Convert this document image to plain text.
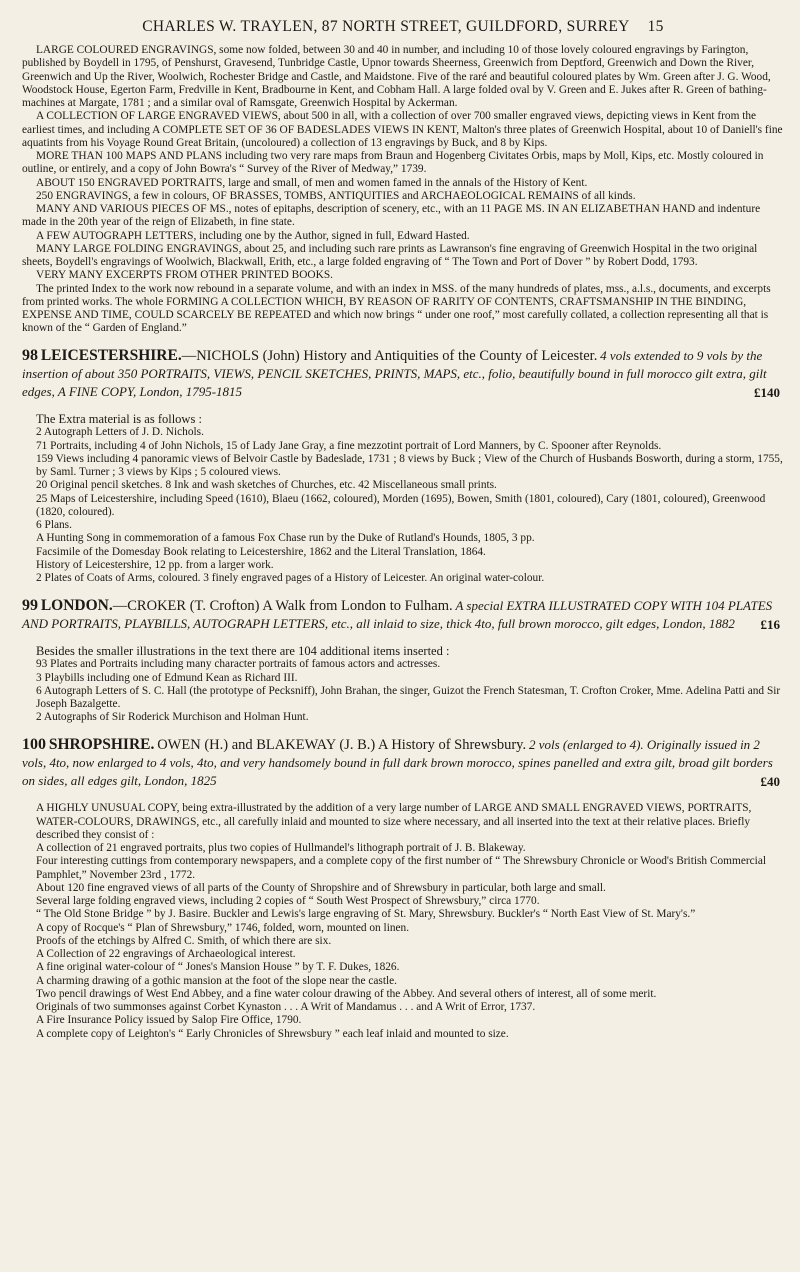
CHARLES W. TRAYLEN, 87 NORTH STREET, GUILDFORD, SURREY 15

LARGE COLOURED ENGRAVINGS, some now folded, between 30 and 40 in number, and including 10 of those lovely coloured engravings by Farington, published by Boydell in 1795, of Penshurst, Gravesend, Tunbridge Castle, Upnor towards Sheerness, Greenwich from Deptford, Greenwich and Down the River, Greenwich and Up the River, Woolwich, Rochester Bridge and Castle, and Maidstone. Five of the raré and beautiful coloured plates by Wm. Green after J. G. Wood, Woodstock House, Egerton Farm, Fredville in Kent, Bradbourne in Kent, and Cobham Hall. A large folded oval by V. Green and E. Jukes after R. Green of bathing-machines at Margate, 1781 ; and a similar oval of Ramsgate, Greenwich Hospital by Ackerman.

A COLLECTION OF LARGE ENGRAVED VIEWS, about 500 in all, with a collection of over 700 smaller engraved views, depicting views in Kent from the earliest times, and including A COMPLETE SET OF 36 OF BADESLADES VIEWS IN KENT, Malton's three plates of Greenwich Hospital, about 10 of Daniell's fine aquatints from his Voyage Round Great Britain, (uncoloured) a collection of 13 engravings by Buck, and 8 by Kips.

MORE THAN 100 MAPS AND PLANS including two very rare maps from Braun and Hogenberg Civitates Orbis, maps by Moll, Kips, etc. Mostly coloured in outline, or entirely, and a copy of John Bowra's “ Survey of the River of Medway,” 1739.

ABOUT 150 ENGRAVED PORTRAITS, large and small, of men and women famed in the annals of the History of Kent.

250 ENGRAVINGS, a few in colours, OF BRASSES, TOMBS, ANTIQUITIES and ARCHAEOLOGICAL REMAINS of all kinds.

MANY AND VARIOUS PIECES OF MS., notes of epitaphs, description of scenery, etc., with an 11 PAGE MS. IN AN ELIZABETHAN HAND and indenture made in the 20th year of the reign of Elizabeth, in fine state.

A FEW AUTOGRAPH LETTERS, including one by the Author, signed in full, Edward Hasted.

MANY LARGE FOLDING ENGRAVINGS, about 25, and including such rare prints as Lawranson's fine engraving of Greenwich Hospital in the two original sheets, Boydell's engravings of Woolwich, Blackwall, Erith, etc., a large folded engraving of “ The Town and Port of Dover ” by Robert Dodd, 1793.

VERY MANY EXCERPTS FROM OTHER PRINTED BOOKS.

The printed Index to the work now rebound in a separate volume, and with an index in MSS. of the many hundreds of plates, mss., a.l.s., documents, and excerpts from printed works. The whole FORMING A COLLECTION WHICH, BY REASON OF RARITY OF CONTENTS, CRAFTSMANSHIP IN THE BINDING, EXPENSE AND TIME, COULD SCARCELY BE REPEATED and which now brings “ under one roof,” most carefully collated, a collection representing all that is known of the “ Garden of England.”

98 LEICESTERSHIRE.—NICHOLS (John) History and Antiquities of the County of Leicester. 4 vols extended to 9 vols by the insertion of about 350 PORTRAITS, VIEWS, PENCIL SKETCHES, PRINTS, MAPS, etc., folio, beautifully bound in full morocco gilt extra, gilt edges, A FINE COPY, London, 1795-1815	£140

The Extra material is as follows :

2 Autograph Letters of J. D. Nichols.

71 Portraits, including 4 of John Nichols, 15 of Lady Jane Gray, a fine mezzotint portrait of Lord Manners, by C. Spooner after Reynolds.

159 Views including 4 panoramic views of Belvoir Castle by Badeslade, 1731 ; 8 views by Buck ; View of the Church of Husbands Bosworth, during a storm, 1755, by Saml. Turner ; 3 views by Kips ; 5 coloured views.

20 Original pencil sketches. 8 Ink and wash sketches of Churches, etc. 42 Miscellaneous small prints.

25 Maps of Leicestershire, including Speed (1610), Blaeu (1662, coloured), Morden (1695), Bowen, Smith (1801, coloured), Cary (1801, coloured), Greenwood (1820, coloured).

6 Plans.

A Hunting Song in commemoration of a famous Fox Chase run by the Duke of Rutland's Hounds, 1805, 3 pp.

Facsimile of the Domesday Book relating to Leicestershire, 1862 and the Literal Translation, 1864.

History of Leicestershire, 12 pp. from a larger work.

2 Plates of Coats of Arms, coloured. 3 finely engraved pages of a History of Leicester. An original water-colour.

99 LONDON.—CROKER (T. Crofton) A Walk from London to Fulham. A special EXTRA ILLUSTRATED COPY WITH 104 PLATES AND PORTRAITS, PLAYBILLS, AUTOGRAPH LETTERS, etc., all inlaid to size, thick 4to, full brown morocco, gilt edges, London, 1882 £16

Besides the smaller illustrations in the text there are 104 additional items inserted :

93 Plates and Portraits including many character portraits of famous actors and actresses.

3 Playbills including one of Edmund Kean as Richard III.

6 Autograph Letters of S. C. Hall (the prototype of Pecksniff), John Brahan, the singer, Guizot the French Statesman, T. Crofton Croker, Mme. Adelina Patti and Sir Joseph Bazalgette.

2 Autographs of Sir Roderick Murchison and Holman Hunt.

100 SHROPSHIRE. OWEN (H.) and BLAKEWAY (J. B.) A History of Shrewsbury. 2 vols (enlarged to 4). Originally issued in 2 vols, 4to, now enlarged to 4 vols, 4to, and very handsomely bound in full dark brown morocco, spines panelled and extra gilt, broad gilt borders on sides, all edges gilt, London, 1825	£40

A HIGHLY UNUSUAL COPY, being extra-illustrated by the addition of a very large number of LARGE AND SMALL ENGRAVED VIEWS, PORTRAITS, WATER-COLOURS, DRAWINGS, etc., all carefully inlaid and mounted to size where necessary, and all inserted into the text at their relative places. Briefly described they consist of :

A collection of 21 engraved portraits, plus two copies of Hullmandel's lithograph portrait of J. B. Blakeway.

Four interesting cuttings from contemporary newspapers, and a complete copy of the first number of “ The Shrewsbury Chronicle or Wood's British Commercial Pamphlet,” November 23rd , 1772.

About 120 fine engraved views of all parts of the County of Shropshire and of Shrewsbury in particular, both large and small.

Several large folding engraved views, including 2 copies of “ South West Prospect of Shrewsbury,” circa 1770.

“ The Old Stone Bridge ” by J. Basire. Buckler and Lewis's large engraving of St. Mary, Shrewsbury. Buckler's “ North East View of St. Mary's.”

A copy of Rocque's “ Plan of Shrewsbury,” 1746, folded, worn, mounted on linen.

Proofs of the etchings by Alfred C. Smith, of which there are six.

A Collection of 22 engravings of Archaeological interest.

A fine original water-colour of “ Jones's Mansion House ” by T. F. Dukes, 1826.

A charming drawing of a gothic mansion at the foot of the slope near the castle.

Two pencil drawings of West End Abbey, and a fine water colour drawing of the Abbey. And several others of interest, all of some merit.

Originals of two summonses against Corbet Kynaston . . . A Writ of Mandamus . . . and A Writ of Error, 1737.

A Fire Insurance Policy issued by Salop Fire Office, 1790.

A complete copy of Leighton's “ Early Chronicles of Shrewsbury ” each leaf inlaid and mounted to size.
